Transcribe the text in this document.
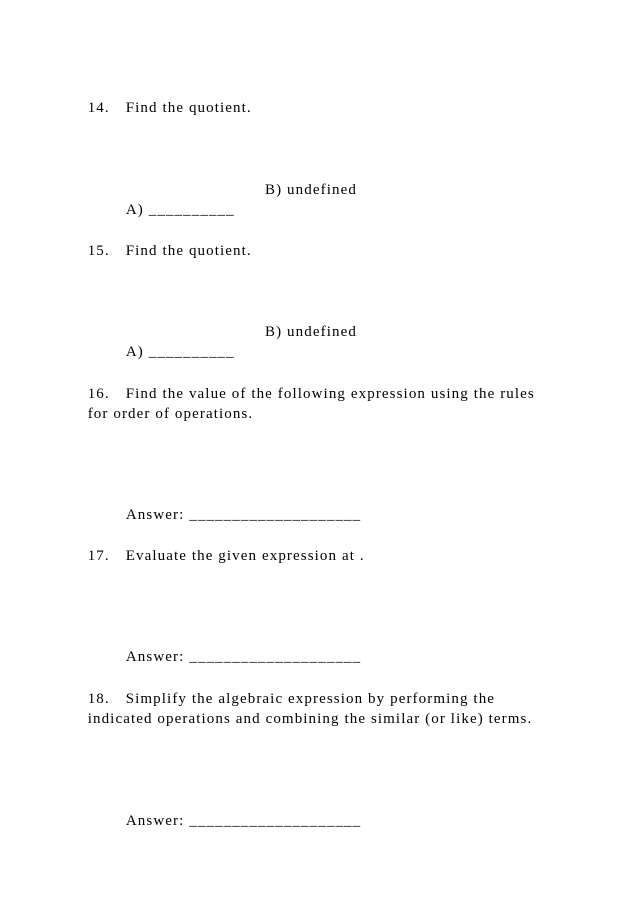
14. Find the quotient.

A) __________

B) undefined

15. Find the quotient.

A) __________

B) undefined

16. Find the value of the following expression using the rules

for order of operations.

Answer: ____________________

17. Evaluate the given expression at .

Answer: ____________________

18. Simplify the algebraic expression by performing the

indicated operations and combining the similar (or like) terms.

Answer: ____________________
